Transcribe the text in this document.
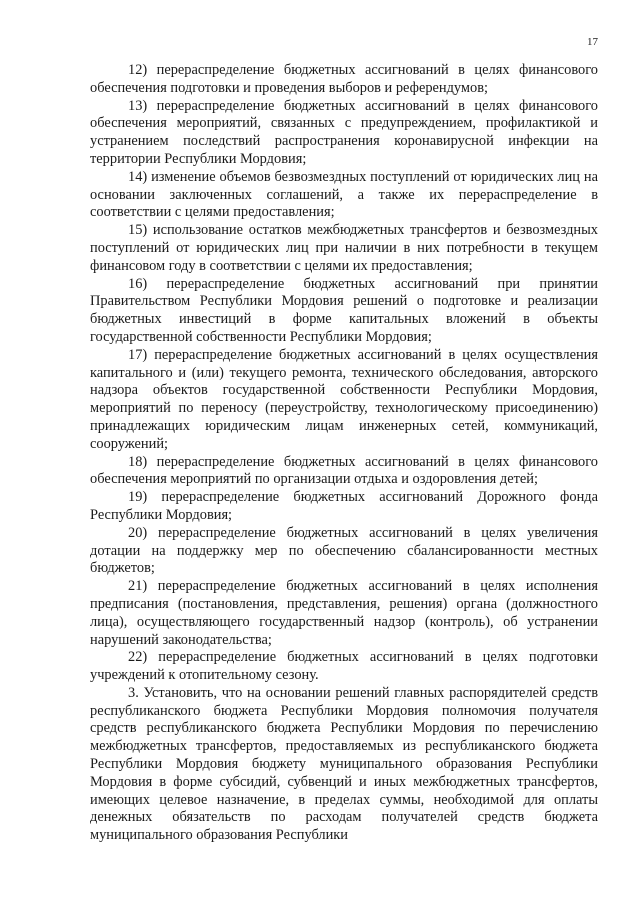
17

12) перераспределение бюджетных ассигнований в целях финансового обеспечения подготовки и проведения выборов и референдумов;

13) перераспределение бюджетных ассигнований в целях финансового обеспечения мероприятий, связанных с предупреждением, профилактикой и устранением последствий распространения коронавирусной инфекции на территории Республики Мордовия;

14) изменение объемов безвозмездных поступлений от юридических лиц на основании заключенных соглашений, а также их перераспределение в соответствии с целями предоставления;

15) использование остатков межбюджетных трансфертов и безвозмездных поступлений от юридических лиц при наличии в них потребности в текущем финансовом году в соответствии с целями их предоставления;

16) перераспределение бюджетных ассигнований при принятии Правительством Республики Мордовия решений о подготовке и реализации бюджетных инвестиций в форме капитальных вложений в объекты государственной собственности Республики Мордовия;

17) перераспределение бюджетных ассигнований в целях осуществления капитального и (или) текущего ремонта, технического обследования, авторского надзора объектов государственной собственности Республики Мордовия, мероприятий по переносу (переустройству, технологическому присоединению) принадлежащих юридическим лицам инженерных сетей, коммуникаций, сооружений;

18) перераспределение бюджетных ассигнований в целях финансового обеспечения мероприятий по организации отдыха и оздоровления детей;

19) перераспределение бюджетных ассигнований Дорожного фонда Республики Мордовия;

20) перераспределение бюджетных ассигнований в целях увеличения дотации на поддержку мер по обеспечению сбалансированности местных бюджетов;

21) перераспределение бюджетных ассигнований в целях исполнения предписания (постановления, представления, решения) органа (должностного лица), осуществляющего государственный надзор (контроль), об устранении нарушений законодательства;

22) перераспределение бюджетных ассигнований в целях подготовки учреждений к отопительному сезону.

3. Установить, что на основании решений главных распорядителей средств республиканского бюджета Республики Мордовия полномочия получателя средств республиканского бюджета Республики Мордовия по перечислению межбюджетных трансфертов, предоставляемых из республиканского бюджета Республики Мордовия бюджету муниципального образования Республики Мордовия в форме субсидий, субвенций и иных межбюджетных трансфертов, имеющих целевое назначение, в пределах суммы, необходимой для оплаты денежных обязательств по расходам получателей средств бюджета муниципального образования Республики
